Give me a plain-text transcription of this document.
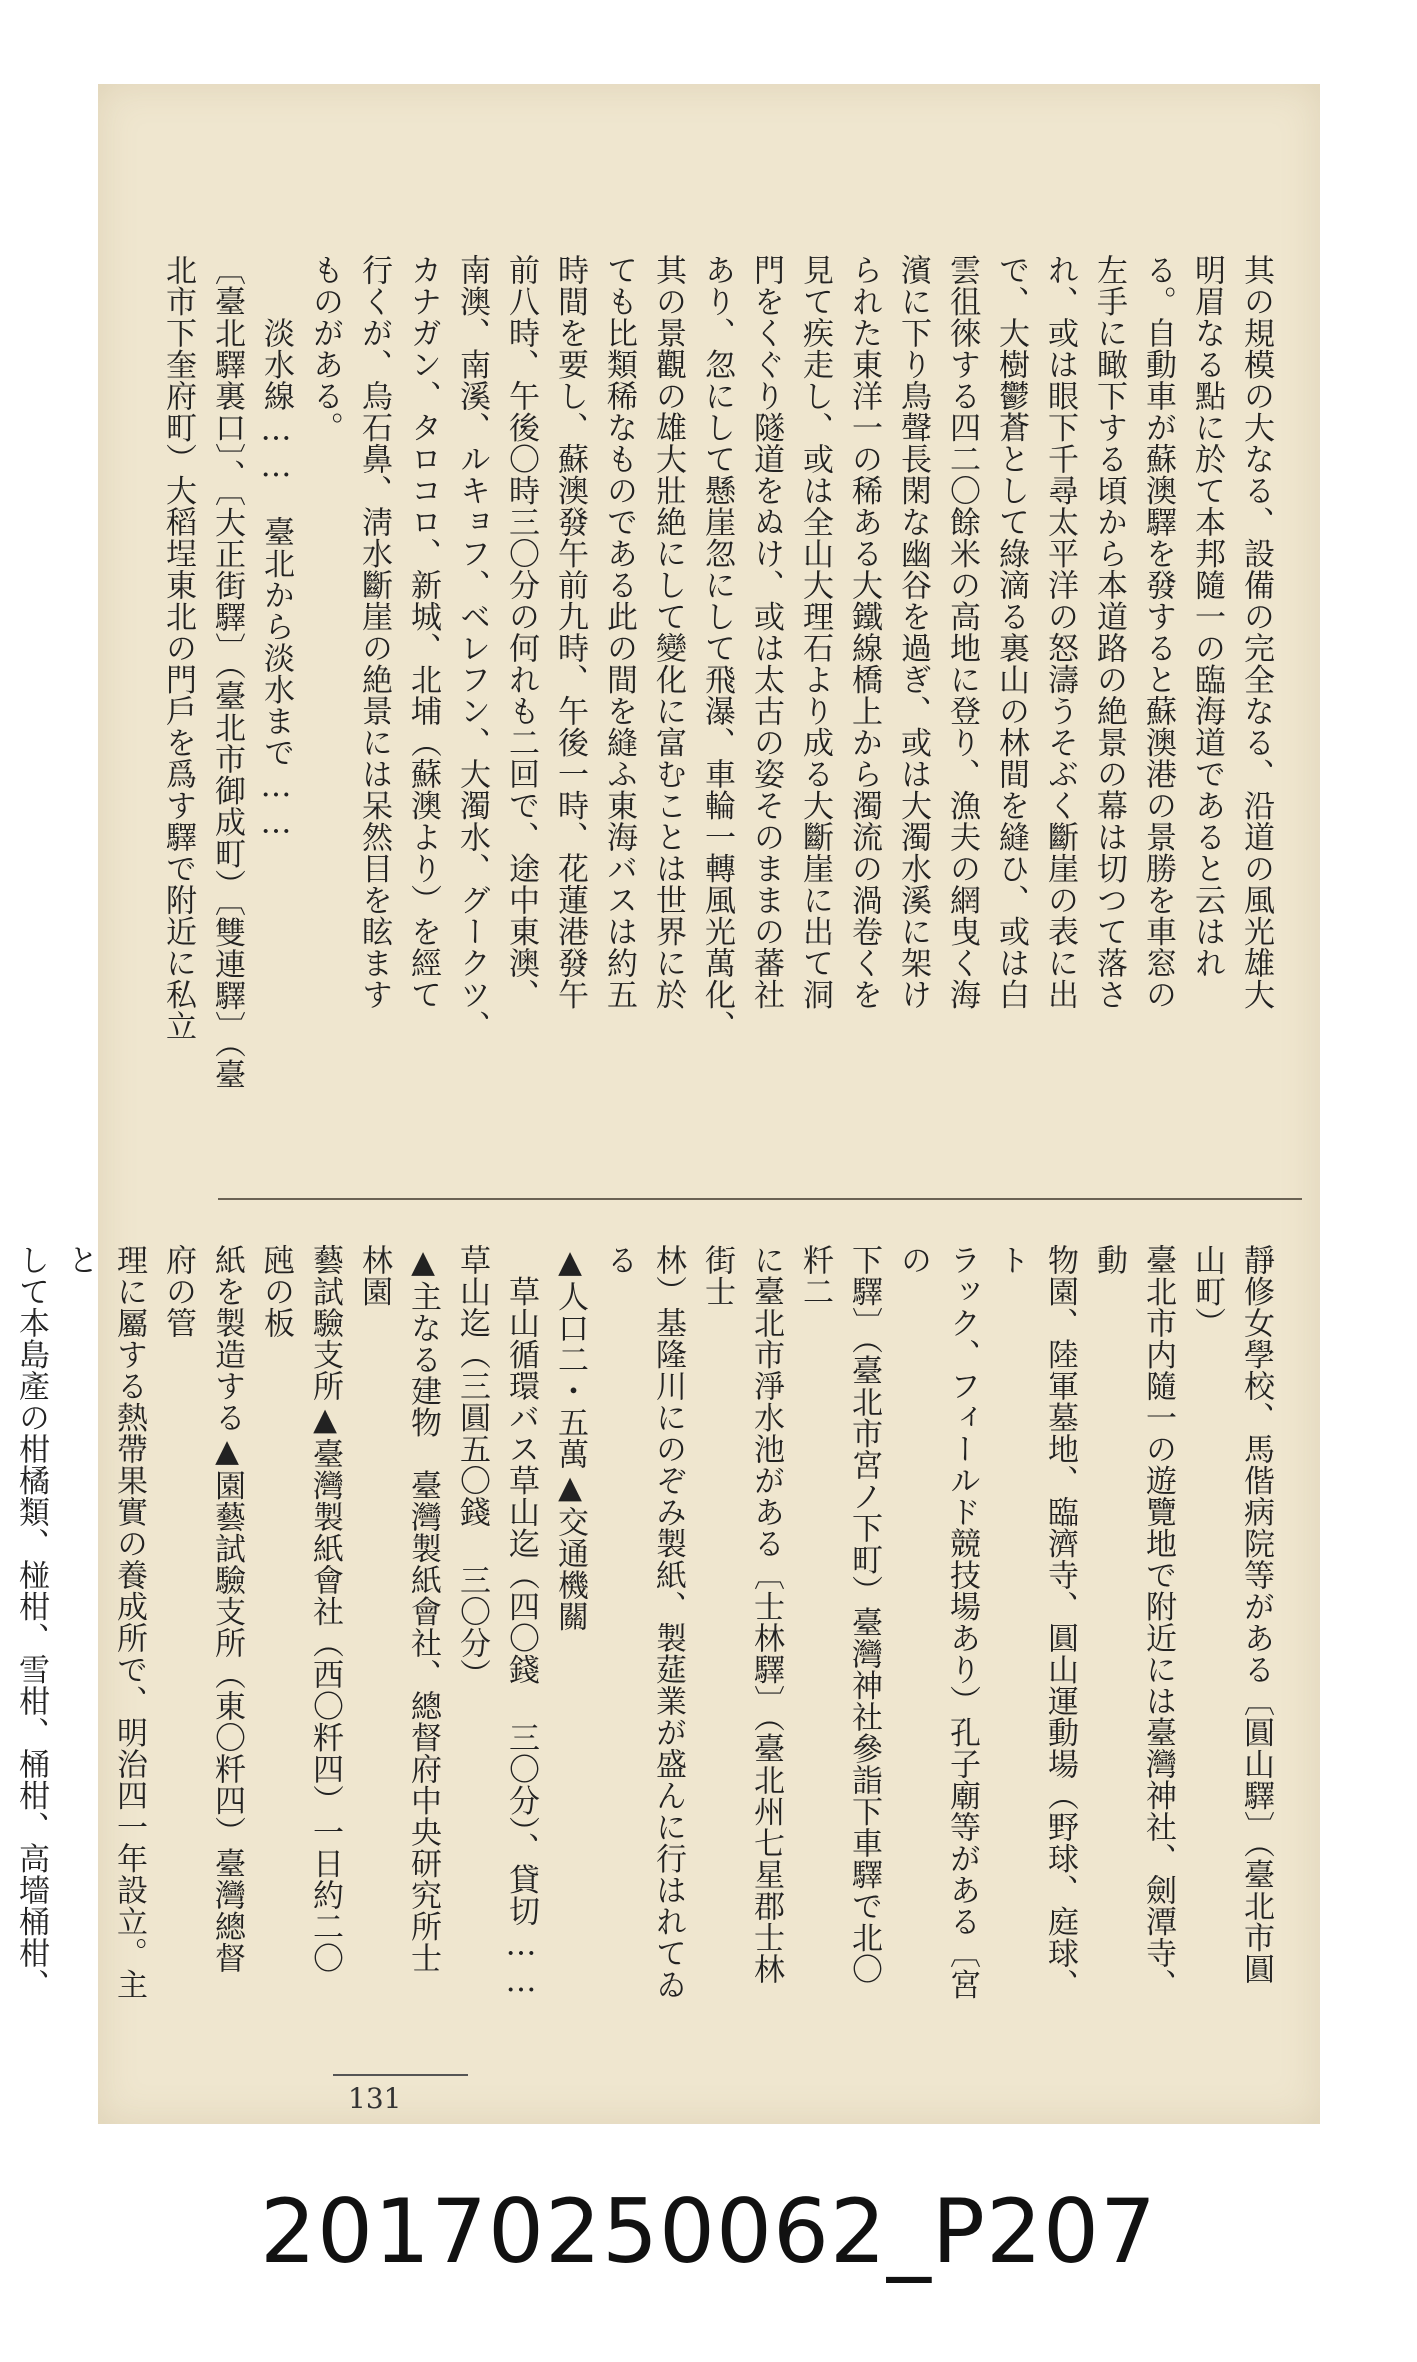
其の規模の大なる、設備の完全なる、沿道の風光雄大

明眉なる點に於て本邦隨一の臨海道であると云はれ

る。自動車が蘇澳驛を發すると蘇澳港の景勝を車窓の

左手に瞰下する頃から本道路の絶景の幕は切つて落さ

れ、或は眼下千尋太平洋の怒濤うそぶく斷崖の表に出

で、大樹鬱蒼として綠滴る裏山の林間を縫ひ、或は白

雲徂徠する四二〇餘米の高地に登り、漁夫の網曳く海

濱に下り鳥聲長閑な幽谷を過ぎ、或は大濁水溪に架け

られた東洋一の稀ある大鐵線橋上から濁流の渦卷くを

見て疾走し、或は全山大理石より成る大斷崖に出て洞

門をくぐり隧道をぬけ、或は太古の姿そのままの蕃社

あり、忽にして懸崖忽にして飛瀑、車輪一轉風光萬化、

其の景觀の雄大壯絶にして變化に富むことは世界に於

ても比類稀なものである此の間を縫ふ東海バスは約五

時間を要し、蘇澳發午前九時、午後一時、花蓮港發午

前八時、午後〇時三〇分の何れも二回で、途中東澳、

南澳、南溪、ルキョフ、ベレフン、大濁水、グークツ、

カナガン、タロコロ、新城、北埔（蘇澳より）を經て

行くが、烏石鼻、淸水斷崖の絶景には呆然目を眩ます

ものがある。

　　淡水線……　臺北から淡水まで……

〔臺北驛裏口〕、〔大正街驛〕（臺北市御成町）〔雙連驛〕（臺

北市下奎府町）大稻埕東北の門戶を爲す驛で附近に私立

靜修女學校、馬偕病院等がある〔圓山驛〕（臺北市圓山町）

臺北市内隨一の遊覽地で附近には臺灣神社、劍潭寺、動

物園、陸軍墓地、臨濟寺、圓山運動場（野球、庭球、ト

ラック、フィールド競技場あり）孔子廟等がある〔宮の

下驛〕（臺北市宮ノ下町）臺灣神社參詣下車驛で北〇粁二

に臺北市淨水池がある〔士林驛〕（臺北州七星郡士林街士

林）基隆川にのぞみ製紙、製莚業が盛んに行はれてゐる

▲人口二・五萬▲交通機關

　草山循環バス草山迄（四〇錢 三〇分）、貸切……草山迄（三圓五〇錢 三〇分）

▲主なる建物　臺灣製紙會社、總督府中央研究所士林園

藝試驗支所▲臺灣製紙會社（西〇粁四）一日約二〇瓲の板

紙を製造する▲園藝試驗支所（東〇粁四）臺灣總督府の管

理に屬する熱帶果實の養成所で、明治四一年設立。主と

して本島產の柑橘類、椪柑、雪柑、桶柑、高墻桶柑、

131
20170250062_P207
